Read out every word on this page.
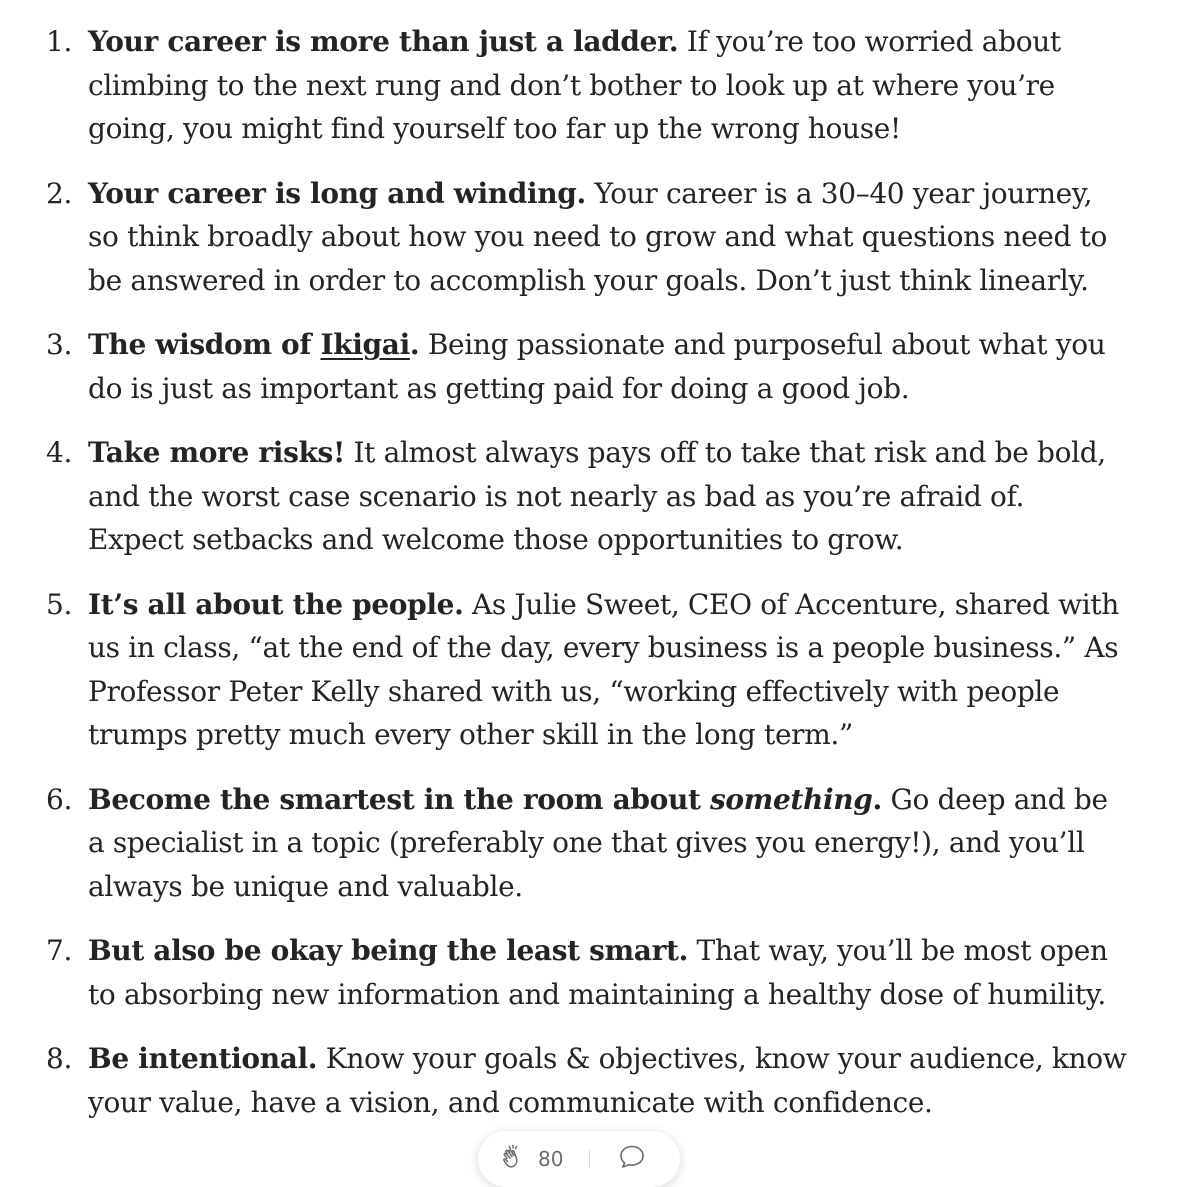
1. Your career is more than just a ladder. If you’re too worried about climbing to the next rung and don’t bother to look up at where you’re going, you might find yourself too far up the wrong house!
2. Your career is long and winding. Your career is a 30–40 year journey, so think broadly about how you need to grow and what questions need to be answered in order to accomplish your goals. Don’t just think linearly.
3. The wisdom of Ikigai. Being passionate and purposeful about what you do is just as important as getting paid for doing a good job.
4. Take more risks! It almost always pays off to take that risk and be bold, and the worst case scenario is not nearly as bad as you’re afraid of. Expect setbacks and welcome those opportunities to grow.
5. It’s all about the people. As Julie Sweet, CEO of Accenture, shared with us in class, “at the end of the day, every business is a people business.” As Professor Peter Kelly shared with us, “working effectively with people trumps pretty much every other skill in the long term.”
6. Become the smartest in the room about something. Go deep and be a specialist in a topic (preferably one that gives you energy!), and you’ll always be unique and valuable.
7. But also be okay being the least smart. That way, you’ll be most open to absorbing new information and maintaining a healthy dose of humility.
8. Be intentional. Know your goals & objectives, know your audience, know your value, have a vision, and communicate with confidence.
80
